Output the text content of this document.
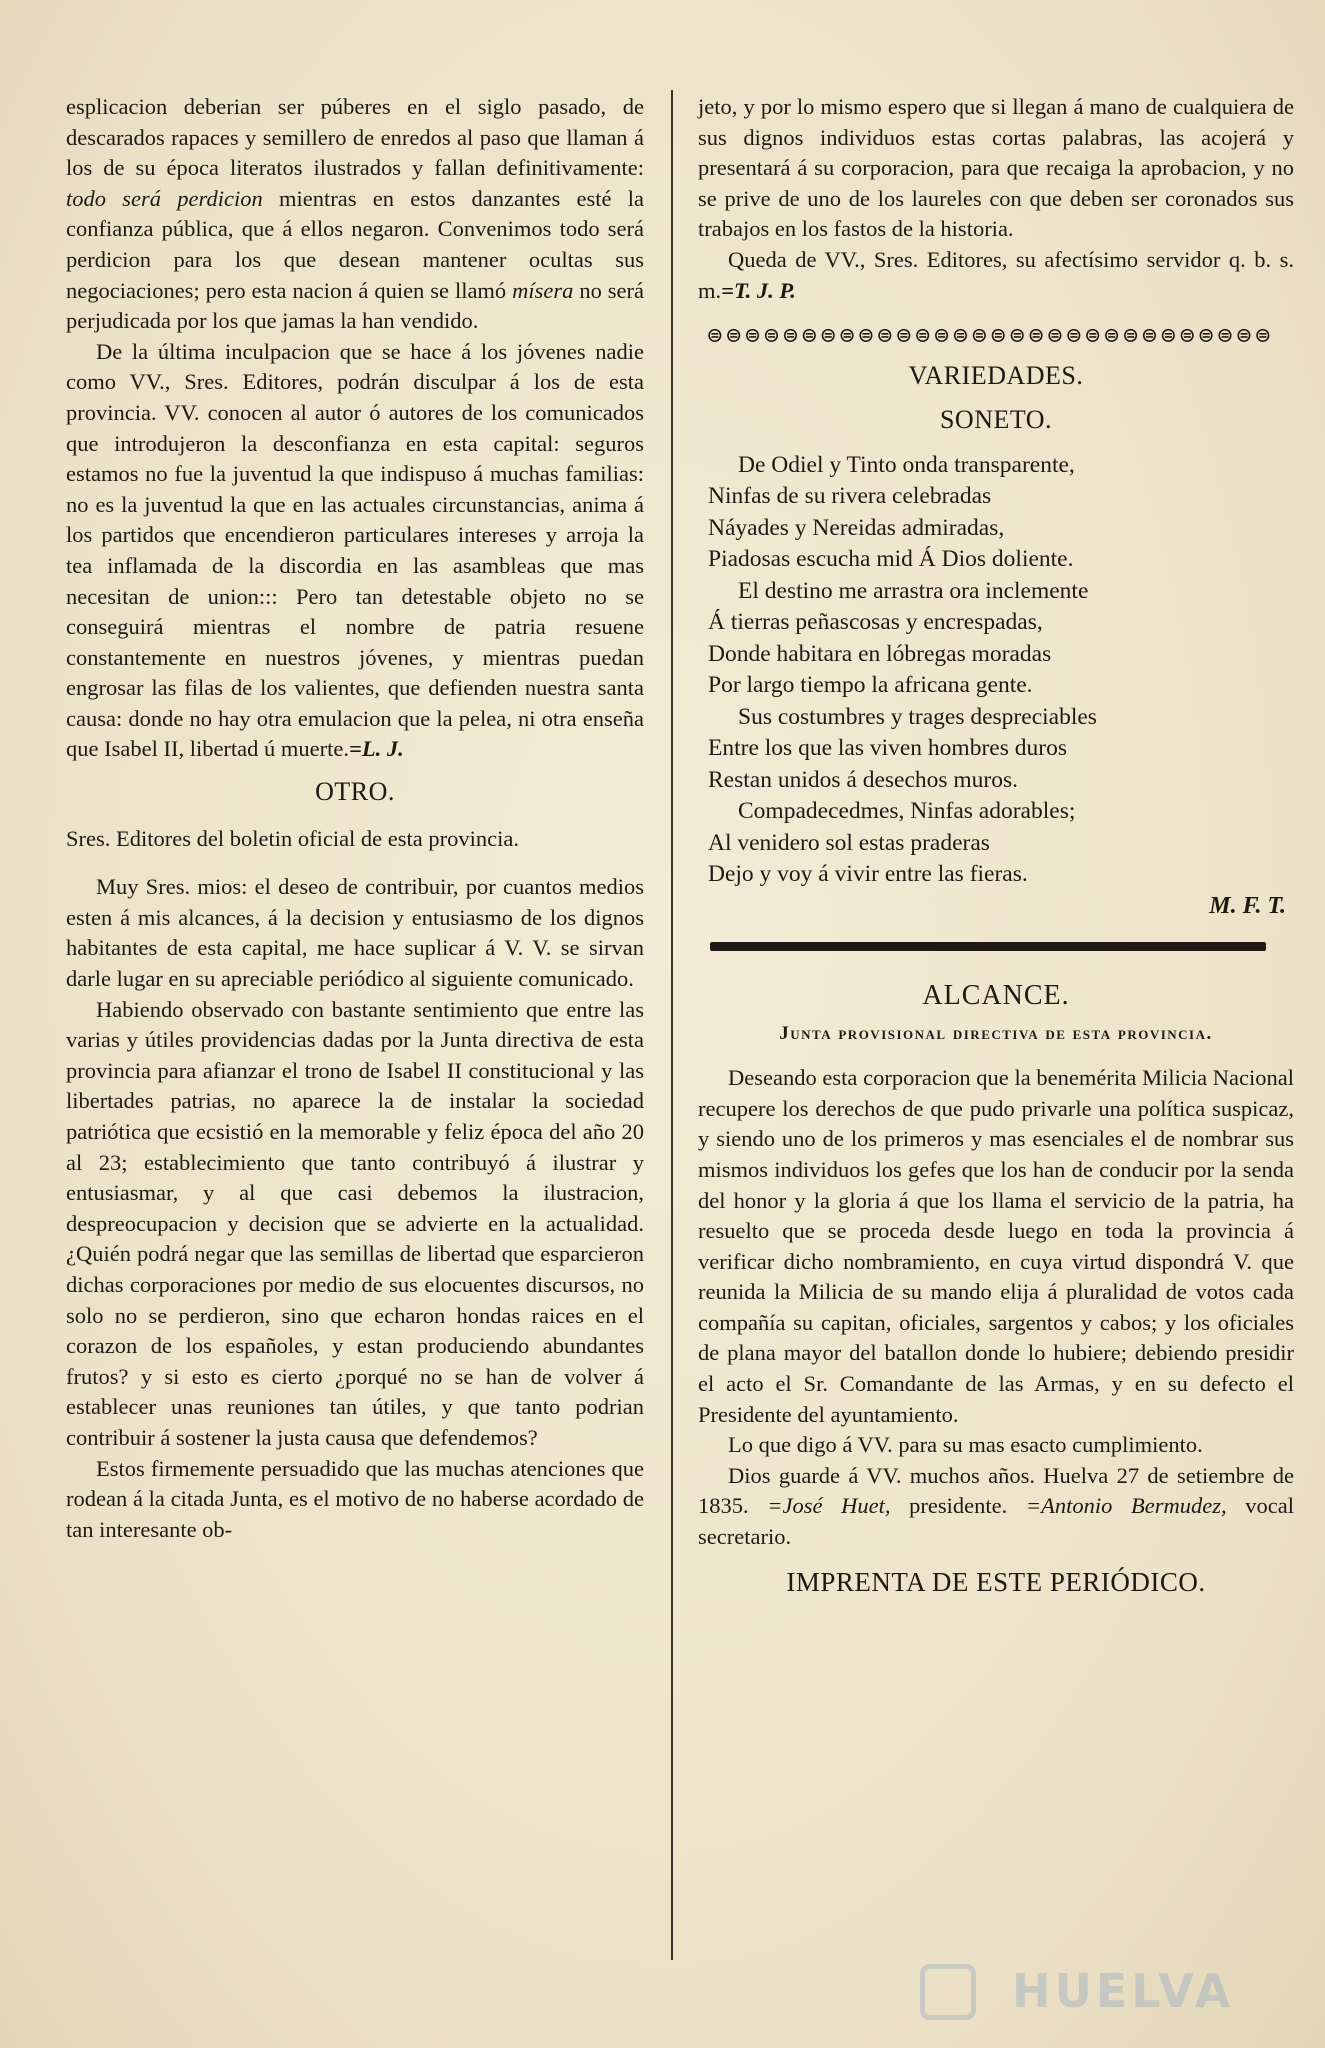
esplicacion deberian ser púberes en el siglo pasado, de descarados rapaces y semillero de enredos al paso que llaman á los de su época literatos ilustrados y fallan definitivamente: todo será perdicion mientras en estos danzantes esté la confianza pública, que á ellos negaron. Convenimos todo será perdicion para los que desean mantener ocultas sus negociaciones; pero esta nacion á quien se llamó mísera no será perjudicada por los que jamas la han vendido.

De la última inculpacion que se hace á los jóvenes nadie como VV., Sres. Editores, podrán disculpar á los de esta provincia. VV. conocen al autor ó autores de los comunicados que introdujeron la desconfianza en esta capital: seguros estamos no fue la juventud la que indispuso á muchas familias: no es la juventud la que en las actuales circunstancias, anima á los partidos que encendieron particulares intereses y arroja la tea inflamada de la discordia en las asambleas que mas necesitan de union::: Pero tan detestable objeto no se conseguirá mientras el nombre de patria resuene constantemente en nuestros jóvenes, y mientras puedan engrosar las filas de los valientes, que defienden nuestra santa causa: donde no hay otra emulacion que la pelea, ni otra enseña que Isabel II, libertad ú muerte.=L. J.

OTRO.

Sres. Editores del boletin oficial de esta provincia.

Muy Sres. mios: el deseo de contribuir, por cuantos medios esten á mis alcances, á la decision y entusiasmo de los dignos habitantes de esta capital, me hace suplicar á V. V. se sirvan darle lugar en su apreciable periódico al siguiente comunicado.

Habiendo observado con bastante sentimiento que entre las varias y útiles providencias dadas por la Junta directiva de esta provincia para afianzar el trono de Isabel II constitucional y las libertades patrias, no aparece la de instalar la sociedad patriótica que ecsistió en la memorable y feliz época del año 20 al 23; establecimiento que tanto contribuyó á ilustrar y entusiasmar, y al que casi debemos la ilustracion, despreocupacion y decision que se advierte en la actualidad. ¿Quién podrá negar que las semillas de libertad que esparcieron dichas corporaciones por medio de sus elocuentes discursos, no solo no se perdieron, sino que echaron hondas raices en el corazon de los españoles, y estan produciendo abundantes frutos? y si esto es cierto ¿porqué no se han de volver á establecer unas reuniones tan útiles, y que tanto podrian contribuir á sostener la justa causa que defendemos?

Estos firmemente persuadido que las muchas atenciones que rodean á la citada Junta, es el motivo de no haberse acordado de tan interesante ob-

jeto, y por lo mismo espero que si llegan á mano de cualquiera de sus dignos individuos estas cortas palabras, las acojerá y presentará á su corporacion, para que recaiga la aprobacion, y no se prive de uno de los laureles con que deben ser coronados sus trabajos en los fastos de la historia.

Queda de VV., Sres. Editores, su afectísimo servidor q. b. s. m.=T. J. P.

⊜⊜⊜⊜⊜⊜⊜⊜⊜⊜⊜⊜⊜⊜⊜⊜⊜⊜⊜⊜⊜⊜⊜⊜⊜⊜⊜⊜⊜⊜
VARIEDADES.
SONETO.
De Odiel y Tinto onda transparente,
Ninfas de su rivera celebradas
Náyades y Nereidas admiradas,
Piadosas escucha mid Á Dios doliente.
El destino me arrastra ora inclemente
Á tierras peñascosas y encrespadas,
Donde habitara en lóbregas moradas
Por largo tiempo la africana gente.
Sus costumbres y trages despreciables
Entre los que las viven hombres duros
Restan unidos á desechos muros.
Compadecedmes, Ninfas adorables;
Al venidero sol estas praderas
Dejo y voy á vivir entre las fieras.
M. F. T.
ALCANCE.
Junta provisional directiva de esta provincia.

Deseando esta corporacion que la benemérita Milicia Nacional recupere los derechos de que pudo privarle una política suspicaz, y siendo uno de los primeros y mas esenciales el de nombrar sus mismos individuos los gefes que los han de conducir por la senda del honor y la gloria á que los llama el servicio de la patria, ha resuelto que se proceda desde luego en toda la provincia á verificar dicho nombramiento, en cuya virtud dispondrá V. que reunida la Milicia de su mando elija á pluralidad de votos cada compañía su capitan, oficiales, sargentos y cabos; y los oficiales de plana mayor del batallon donde lo hubiere; debiendo presidir el acto el Sr. Comandante de las Armas, y en su defecto el Presidente del ayuntamiento.

Lo que digo á VV. para su mas esacto cumplimiento.

Dios guarde á VV. muchos años. Huelva 27 de setiembre de 1835. =José Huet, presidente. =Antonio Bermudez, vocal secretario.

IMPRENTA DE ESTE PERIÓDICO.
HUELVA
